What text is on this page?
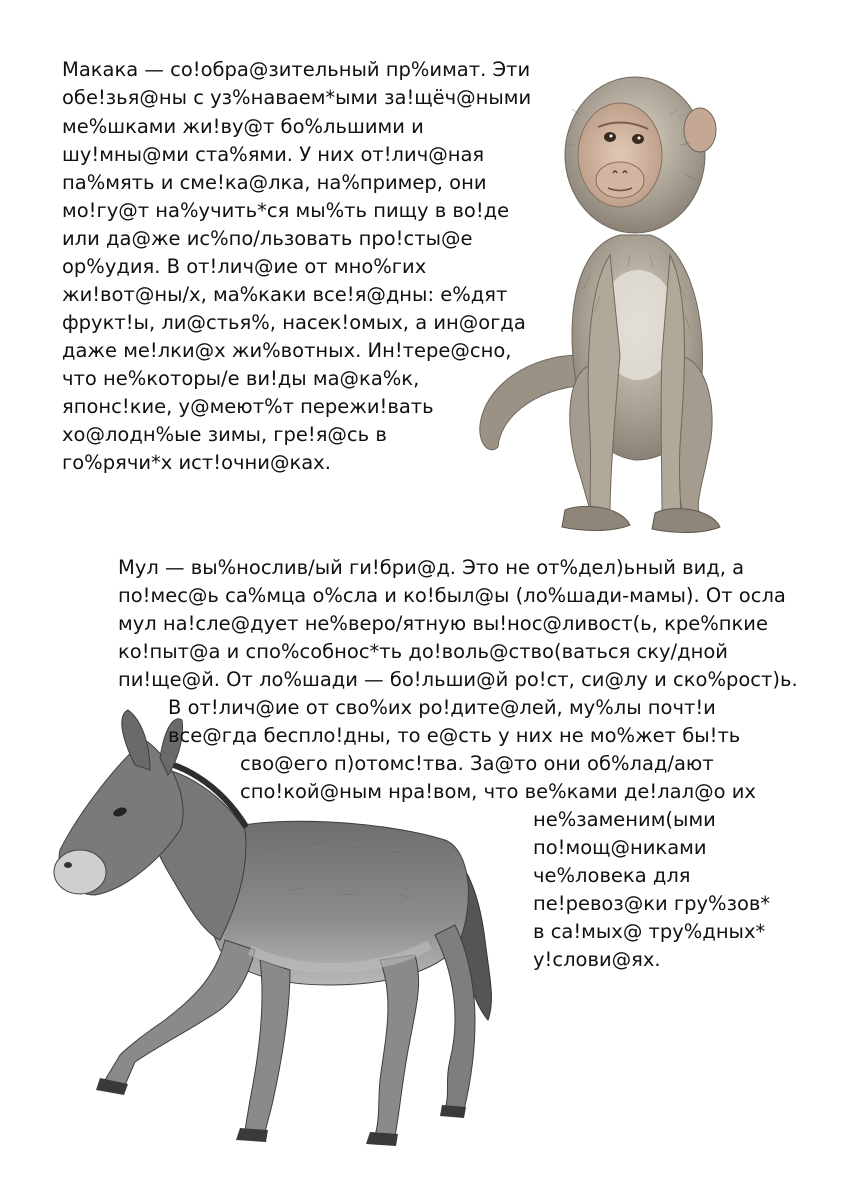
Макака — со!обра@зительный пр%имат. Эти
обе!зья@ны с уз%наваем*ыми за!щёч@ными
ме%шками жи!ву@т бо%льшими и
шу!мны@ми ста%ями. У них от!лич@ная
па%мять и сме!ка@лка, на%пример, они
мо!гу@т на%учить*ся мы%ть пищу в во!де
или да@же ис%по/льзовать про!сты@е
ор%удия. В от!лич@ие от мно%гих
жи!вот@ны/х, ма%каки все!я@дны: е%дят
фрукт!ы, ли@стья%, насек!омых, а ин@огда
даже ме!лки@х жи%вотных. Ин!тере@сно,
что не%которы/е ви!ды ма@ка%к,
японс!кие, у@меют%т пережи!вать
хо@лодн%ые зимы, гре!я@сь в
го%рячи*х ист!очни@ках.
Мул — вы%нослив/ый ги!бри@д. Это не от%дел)ьный вид, а
по!мес@ь са%мца о%сла и ко!был@ы (ло%шади-мамы). От осла
мул на!сле@дует не%веро/ятную вы!нос@ливост(ь, кре%пкие
ко!пыт@а и спо%собнос*ть до!воль@ство(ваться ску/дной
пи!ще@й. От ло%шади — бо!льши@й ро!ст, си@лу и ско%рост)ь.
В от!лич@ие от сво%их ро!дите@лей, му%лы почт!и
все@гда беспло!дны, то е@сть у них не мо%жет бы!ть
сво@его п)отомс!тва. За@то они об%лад/ают
спо!кой@ным нра!вом, что ве%ками де!лал@о их
не%заменим(ыми
по!мощ@никами
че%ловека для
пе!ревоз@ки гру%зов*
в са!мых@ тру%дных*
у!слови@ях.
